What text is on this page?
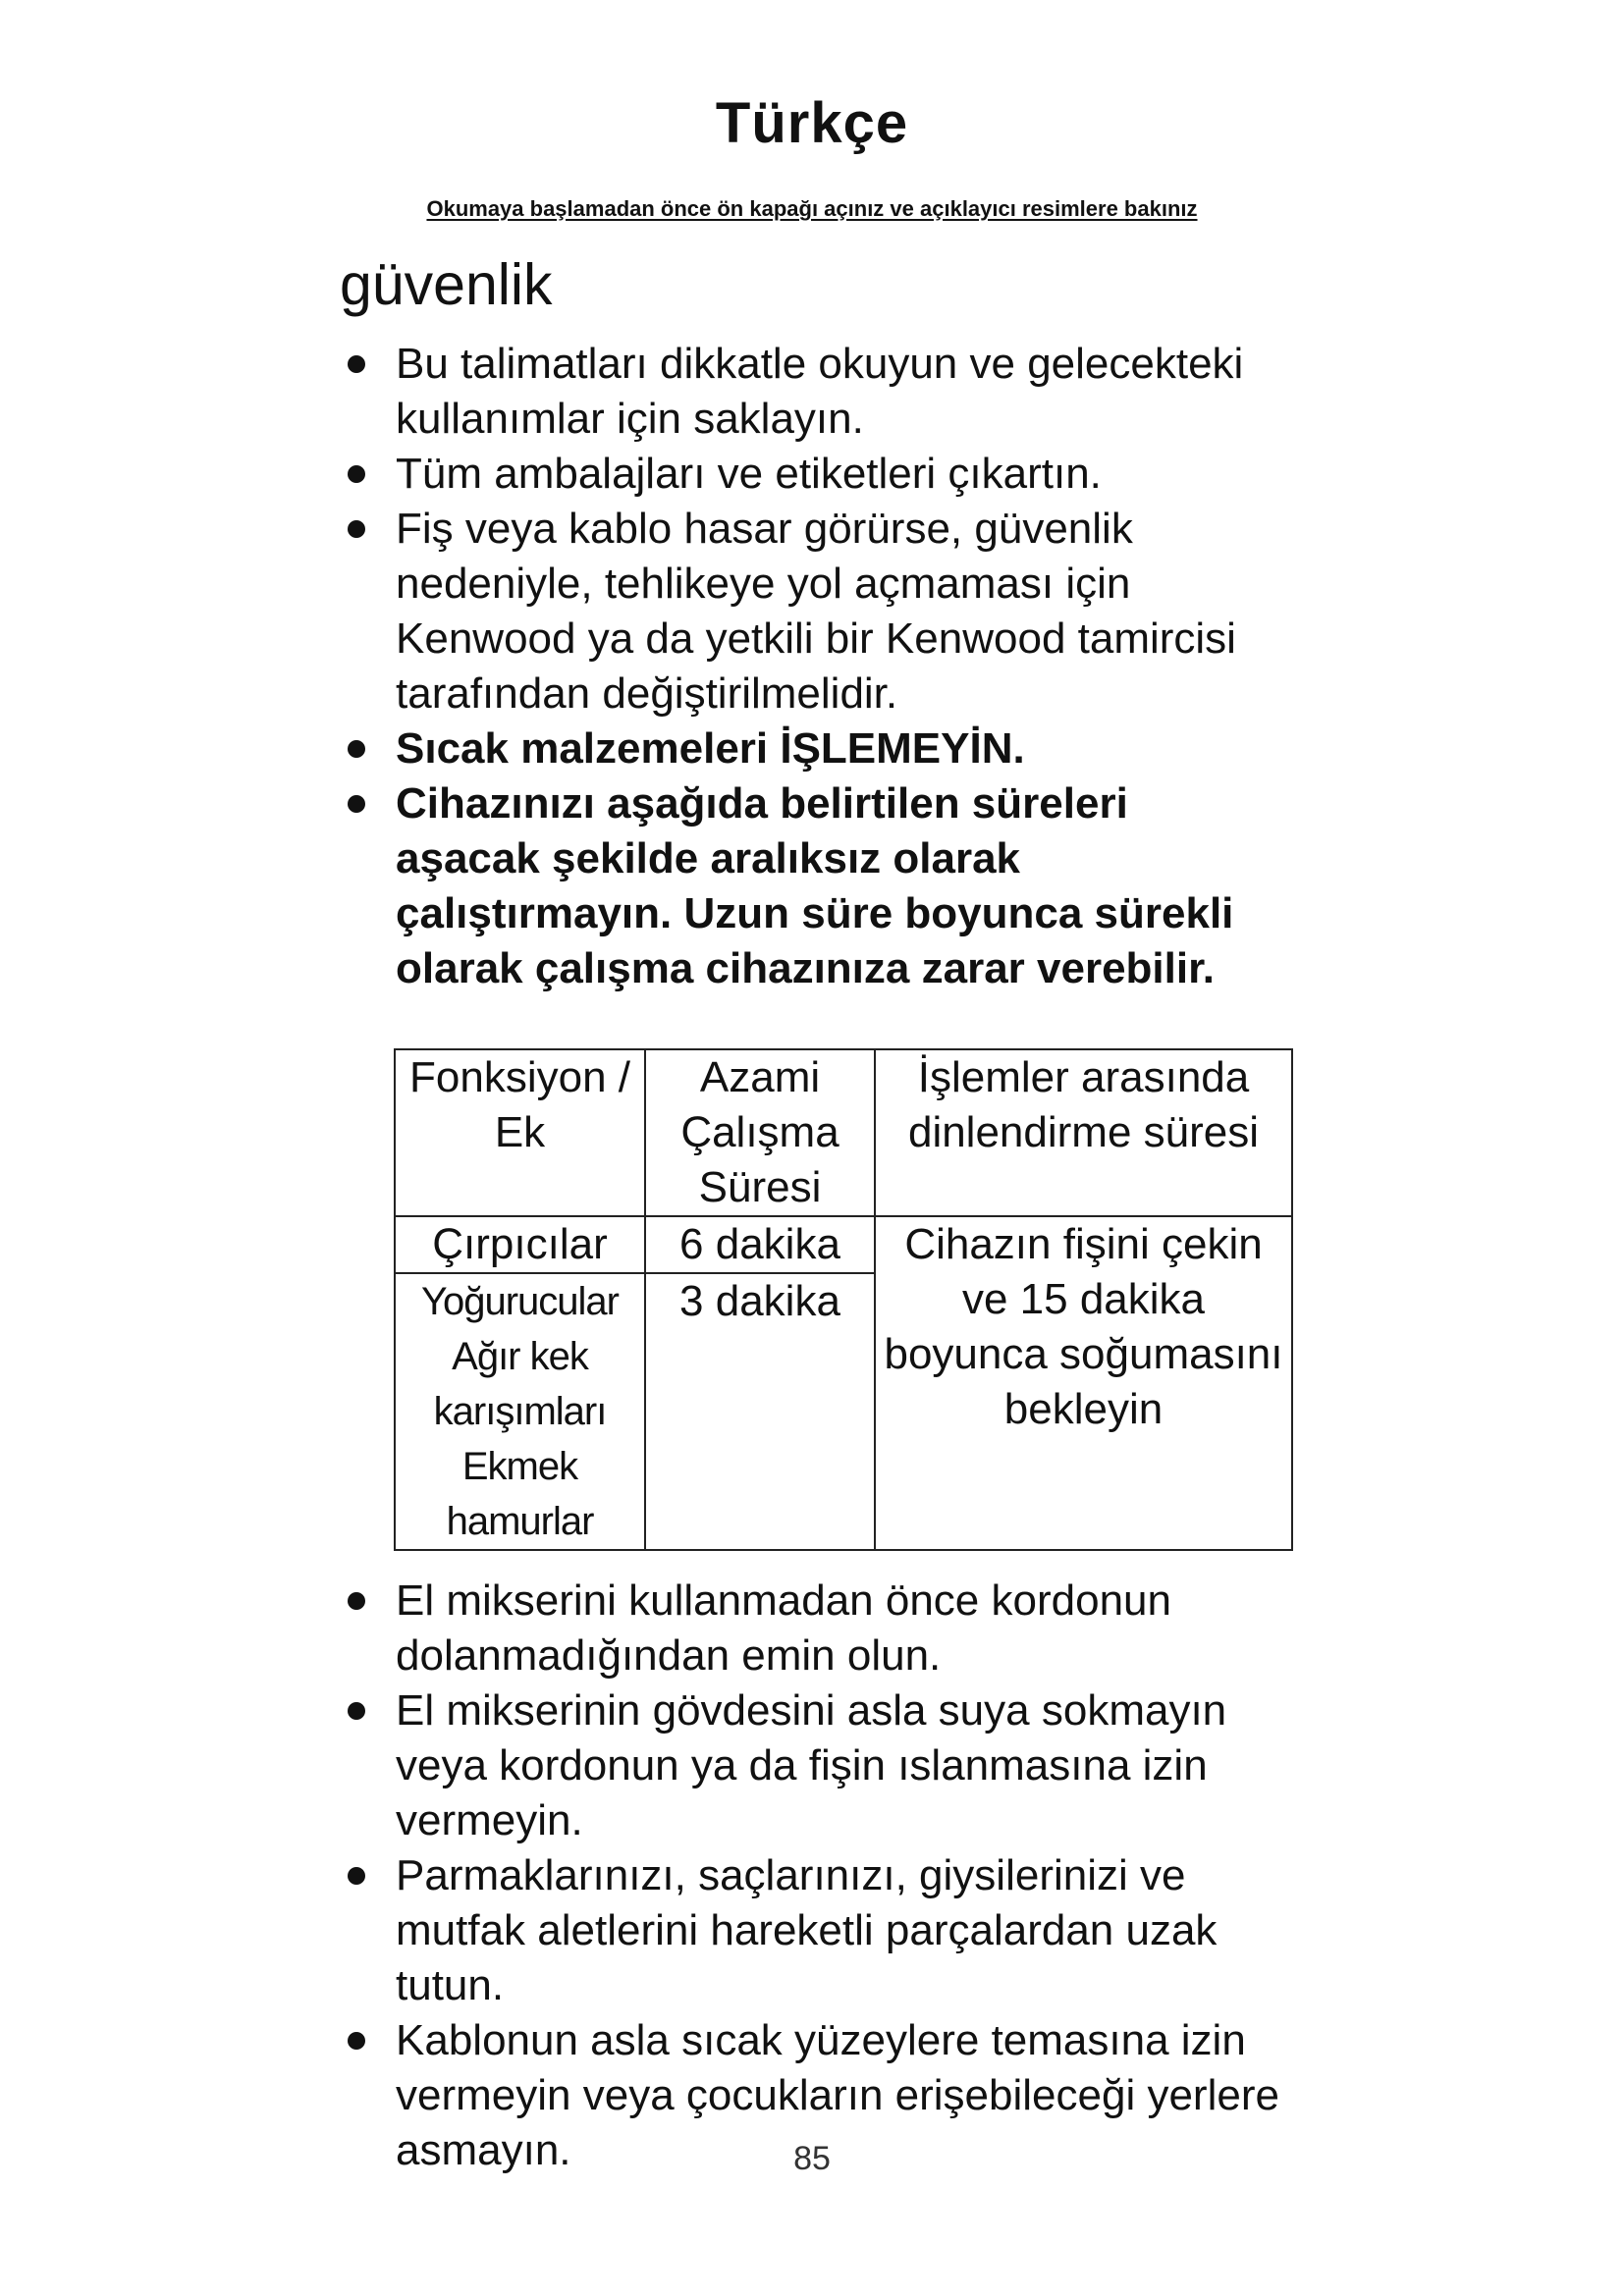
Türkçe
Okumaya başlamadan önce ön kapağı açınız ve açıklayıcı resimlere bakınız
güvenlik
Bu talimatları dikkatle okuyun ve gelecekteki kullanımlar için saklayın.
Tüm ambalajları ve etiketleri çıkartın.
Fiş veya kablo hasar görürse, güvenlik nedeniyle, tehlikeye yol açmaması için Kenwood ya da yetkili bir Kenwood tamircisi tarafından değiştirilmelidir.
Sıcak malzemeleri İŞLEMEYİN.
Cihazınızı aşağıda belirtilen süreleri aşacak şekilde aralıksız olarak çalıştırmayın. Uzun süre boyunca sürekli olarak çalışma cihazınıza zarar verebilir.
Fonksiyon / Ek	Azami Çalışma Süresi	İşlemler arasında dinlendirme süresi
Çırpıcılar	6 dakika	Cihazın fişini çekin ve 15 dakika boyunca soğumasını bekleyin
Yoğurucular Ağır kek karışımları Ekmek hamurlar	3 dakika	
El mikserini kullanmadan önce kordonun dolanmadığından emin olun.
El mikserinin gövdesini asla suya sokmayın veya kordonun ya da fişin ıslanmasına izin vermeyin.
Parmaklarınızı, saçlarınızı, giysilerinizi ve mutfak aletlerini hareketli parçalardan uzak tutun.
Kablonun asla sıcak yüzeylere temasına izin vermeyin veya çocukların erişebileceği yerlere asmayın.	85
